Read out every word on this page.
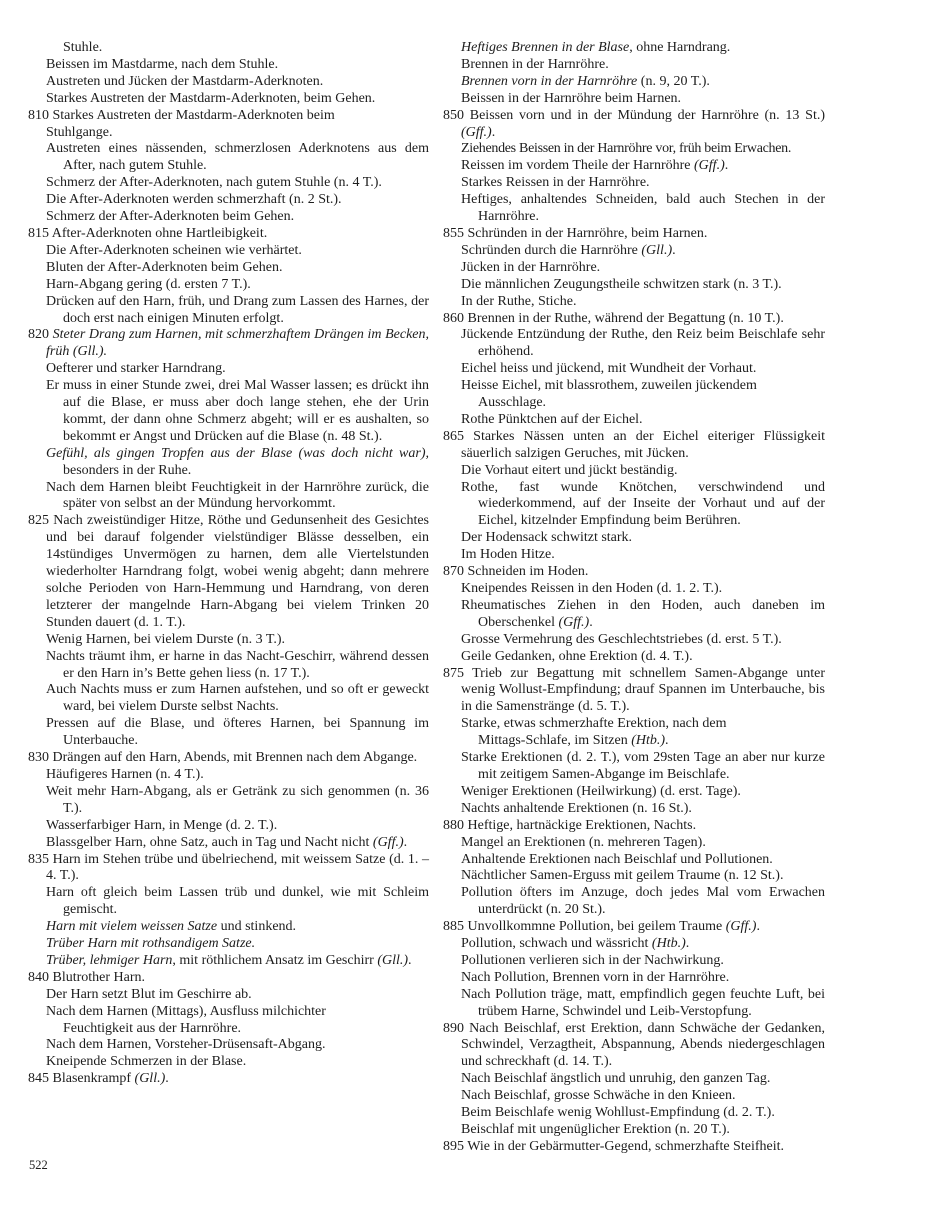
Stuhle.

Beissen im Mastdarme, nach dem Stuhle.

Austreten und Jücken der Mastdarm-Aderknoten.

Starkes Austreten der Mastdarm-Aderknoten, beim Gehen.

810 Starkes Austreten der Mastdarm-Aderknoten beim
Stuhlgange.

Austreten eines nässenden, schmerzlosen Aderknotens aus dem After, nach gutem Stuhle.

Schmerz der After-Aderknoten, nach gutem Stuhle (n. 4 T.).

Die After-Aderknoten werden schmerzhaft (n. 2 St.).

Schmerz der After-Aderknoten beim Gehen.

815 After-Aderknoten ohne Hartleibigkeit.

Die After-Aderknoten scheinen wie verhärtet.

Bluten der After-Aderknoten beim Gehen.

Harn-Abgang gering (d. ersten 7 T.).

Drücken auf den Harn, früh, und Drang zum Lassen des Harnes, der doch erst nach einigen Minuten erfolgt.

820 Steter Drang zum Harnen, mit schmerzhaftem Drängen im Becken, früh (Gll.).

Oefterer und starker Harndrang.

Er muss in einer Stunde zwei, drei Mal Wasser lassen; es drückt ihn auf die Blase, er muss aber doch lange stehen, ehe der Urin kommt, der dann ohne Schmerz abgeht; will er es aushalten, so bekommt er Angst und Drücken auf die Blase (n. 48 St.).

Gefühl, als gingen Tropfen aus der Blase (was doch nicht war), besonders in der Ruhe.

Nach dem Harnen bleibt Feuchtigkeit in der Harnröhre zurück, die später von selbst an der Mündung hervorkommt.

825 Nach zweistündiger Hitze, Röthe und Gedunsenheit des Gesichtes und bei darauf folgender vielstündiger Blässe desselben, ein 14stündiges Unvermögen zu harnen, dem alle Viertelstunden wiederholter Harndrang folgt, wobei wenig abgeht; dann mehrere solche Perioden von Harn-Hemmung und Harndrang, von deren letzterer der mangelnde Harn-Abgang bei vielem Trinken 20 Stunden dauert (d. 1. T.).

Wenig Harnen, bei vielem Durste (n. 3 T.).

Nachts träumt ihm, er harne in das Nacht-Geschirr, während dessen er den Harn in’s Bette gehen liess (n. 17 T.).

Auch Nachts muss er zum Harnen aufstehen, und so oft er geweckt ward, bei vielem Durste selbst Nachts.

Pressen auf die Blase, und öfteres Harnen, bei Spannung im Unterbauche.

830 Drängen auf den Harn, Abends, mit Brennen nach dem Abgange.

Häufigeres Harnen (n. 4 T.).

Weit mehr Harn-Abgang, als er Getränk zu sich genommen (n. 36 T.).

Wasserfarbiger Harn, in Menge (d. 2. T.).

Blassgelber Harn, ohne Satz, auch in Tag und Nacht nicht (Gff.).

835 Harn im Stehen trübe und übelriechend, mit weissem Satze (d. 1. – 4. T.).

Harn oft gleich beim Lassen trüb und dunkel, wie mit Schleim gemischt.

Harn mit vielem weissen Satze und stinkend.

Trüber Harn mit rothsandigem Satze.

Trüber, lehmiger Harn, mit röthlichem Ansatz im Geschirr (Gll.).

840 Blutrother Harn.

Der Harn setzt Blut im Geschirre ab.

Nach dem Harnen (Mittags), Ausfluss milchichter
Feuchtigkeit aus der Harnröhre.

Nach dem Harnen, Vorsteher-Drüsensaft-Abgang.

Kneipende Schmerzen in der Blase.

845 Blasenkrampf (Gll.).

Heftiges Brennen in der Blase, ohne Harndrang.

Brennen in der Harnröhre.

Brennen vorn in der Harnröhre (n. 9, 20 T.).

Beissen in der Harnröhre beim Harnen.

850 Beissen vorn und in der Mündung der Harnröhre (n. 13 St.) (Gff.).

Ziehendes Beissen in der Harnröhre vor, früh beim Erwachen.

Reissen im vordem Theile der Harnröhre (Gff.).

Starkes Reissen in der Harnröhre.

Heftiges, anhaltendes Schneiden, bald auch Stechen in der Harnröhre.

855 Schründen in der Harnröhre, beim Harnen.

Schründen durch die Harnröhre (Gll.).

Jücken in der Harnröhre.

Die männlichen Zeugungstheile schwitzen stark (n. 3 T.).

In der Ruthe, Stiche.

860 Brennen in der Ruthe, während der Begattung (n. 10 T.).

Jückende Entzündung der Ruthe, den Reiz beim Beischlafe sehr erhöhend.

Eichel heiss und jückend, mit Wundheit der Vorhaut.

Heisse Eichel, mit blassrothem, zuweilen jückendem
Ausschlage.

Rothe Pünktchen auf der Eichel.

865 Starkes Nässen unten an der Eichel eiteriger Flüssigkeit säuerlich salzigen Geruches, mit Jücken.

Die Vorhaut eitert und jückt beständig.

Rothe, fast wunde Knötchen, verschwindend und wiederkommend, auf der Inseite der Vorhaut und auf der Eichel, kitzelnder Empfindung beim Berühren.

Der Hodensack schwitzt stark.

Im Hoden Hitze.

870 Schneiden im Hoden.

Kneipendes Reissen in den Hoden (d. 1. 2. T.).

Rheumatisches Ziehen in den Hoden, auch daneben im Oberschenkel (Gff.).

Grosse Vermehrung des Geschlechtstriebes (d. erst. 5 T.).

Geile Gedanken, ohne Erektion (d. 4. T.).

875 Trieb zur Begattung mit schnellem Samen-Abgange unter wenig Wollust-Empfindung; drauf Spannen im Unterbauche, bis in die Samenstränge (d. 5. T.).

Starke, etwas schmerzhafte Erektion, nach dem
Mittags-Schlafe, im Sitzen (Htb.).

Starke Erektionen (d. 2. T.), vom 29sten Tage an aber nur kurze mit zeitigem Samen-Abgange im Beischlafe.

Weniger Erektionen (Heilwirkung) (d. erst. Tage).

Nachts anhaltende Erektionen (n. 16 St.).

880 Heftige, hartnäckige Erektionen, Nachts.

Mangel an Erektionen (n. mehreren Tagen).

Anhaltende Erektionen nach Beischlaf und Pollutionen.

Nächtlicher Samen-Erguss mit geilem Traume (n. 12 St.).

Pollution öfters im Anzuge, doch jedes Mal vom Erwachen unterdrückt (n. 20 St.).

885 Unvollkommne Pollution, bei geilem Traume (Gff.).

Pollution, schwach und wässricht (Htb.).

Pollutionen verlieren sich in der Nachwirkung.

Nach Pollution, Brennen vorn in der Harnröhre.

Nach Pollution träge, matt, empfindlich gegen feuchte Luft, bei trübem Harne, Schwindel und Leib-Verstopfung.

890 Nach Beischlaf, erst Erektion, dann Schwäche der Gedanken, Schwindel, Verzagtheit, Abspannung, Abends niedergeschlagen und schreckhaft (d. 14. T.).

Nach Beischlaf ängstlich und unruhig, den ganzen Tag.

Nach Beischlaf, grosse Schwäche in den Knieen.

Beim Beischlafe wenig Wohllust-Empfindung (d. 2. T.).

Beischlaf mit ungenüglicher Erektion (n. 20 T.).

895 Wie in der Gebärmutter-Gegend, schmerzhafte Steifheit.

522
